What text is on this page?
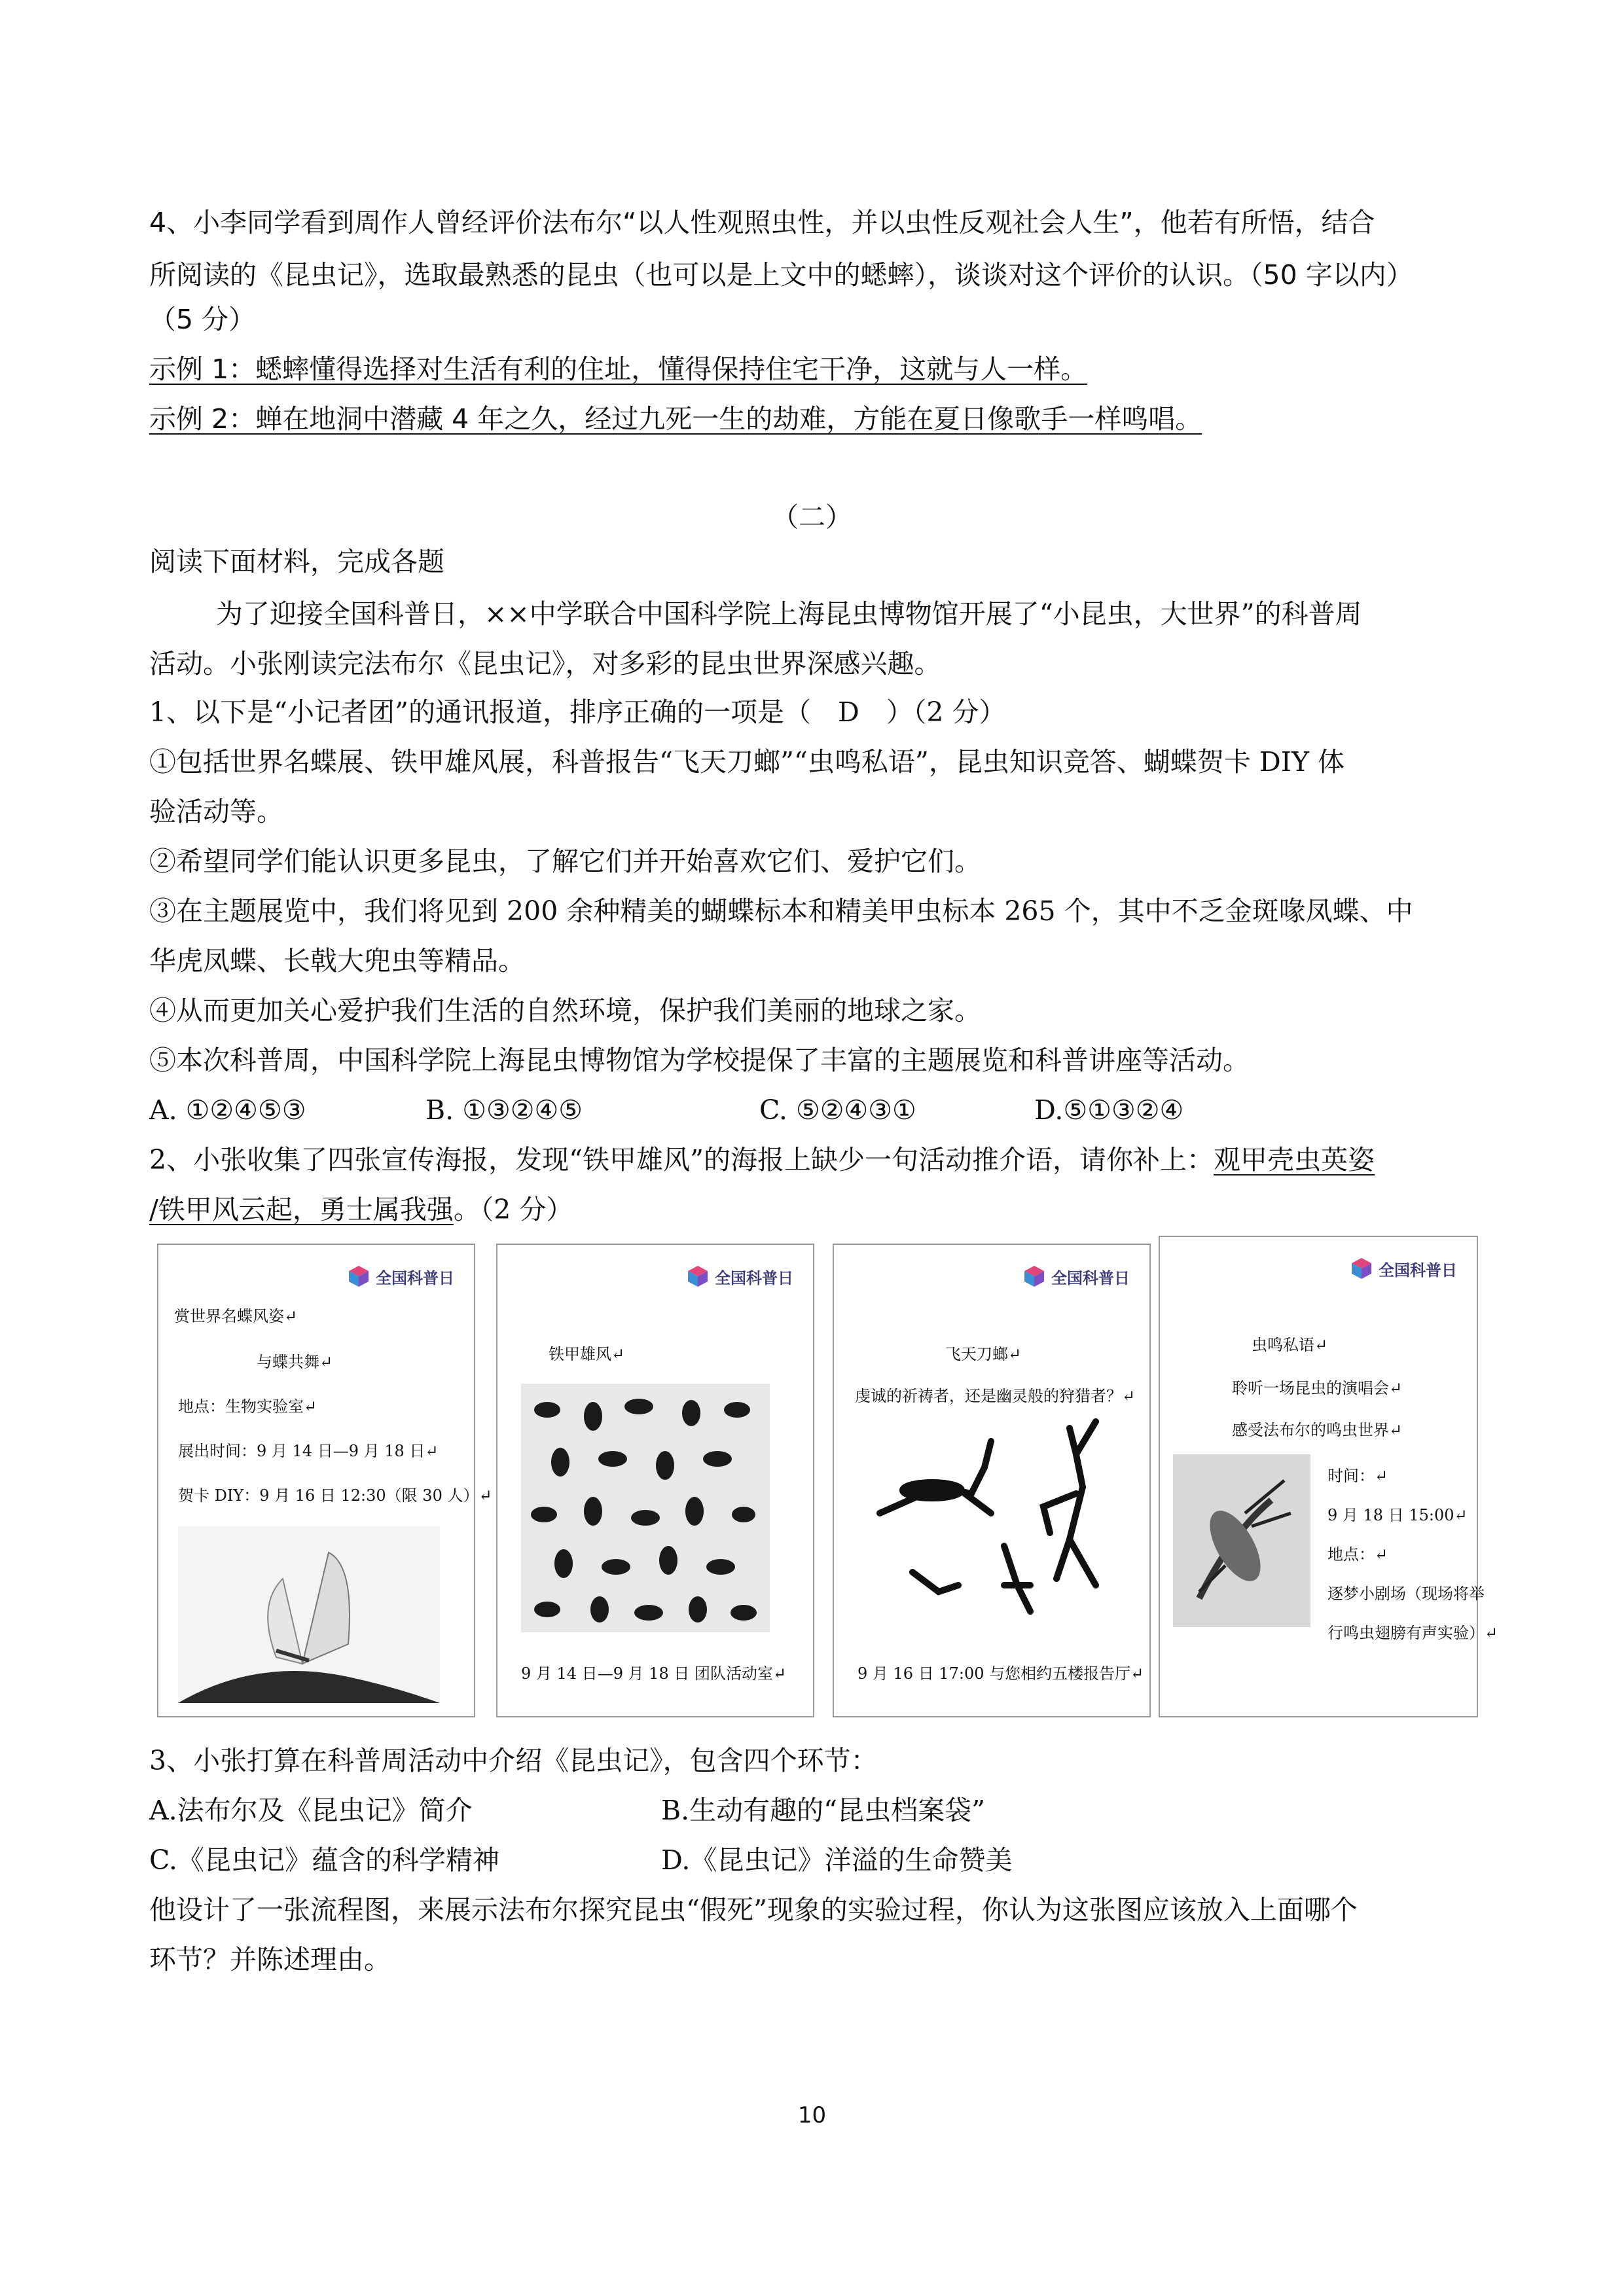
4、小李同学看到周作人曾经评价法布尔“以人性观照虫性，并以虫性反观社会人生”，他若有所悟，结合
所阅读的《昆虫记》，选取最熟悉的昆虫（也可以是上文中的蟋蟀），谈谈对这个评价的认识。（50 字以内）
（5 分）
示例 1：蟋蟀懂得选择对生活有利的住址，懂得保持住宅干净，这就与人一样。
示例 2：蝉在地洞中潜藏 4 年之久，经过九死一生的劫难，方能在夏日像歌手一样鸣唱。
（二）
阅读下面材料，完成各题
为了迎接全国科普日，××中学联合中国科学院上海昆虫博物馆开展了“小昆虫，大世界”的科普周
活动。小张刚读完法布尔《昆虫记》，对多彩的昆虫世界深感兴趣。
1、以下是“小记者团”的通讯报道，排序正确的一项是（　D　）（2 分）
①包括世界名蝶展、铁甲雄风展，科普报告“飞天刀螂”“虫鸣私语”，昆虫知识竞答、蝴蝶贺卡 DIY 体
验活动等。
②希望同学们能认识更多昆虫，了解它们并开始喜欢它们、爱护它们。
③在主题展览中，我们将见到 200 余种精美的蝴蝶标本和精美甲虫标本 265 个，其中不乏金斑喙凤蝶、中
华虎凤蝶、长戟大兜虫等精品。
④从而更加关心爱护我们生活的自然环境，保护我们美丽的地球之家。
⑤本次科普周，中国科学院上海昆虫博物馆为学校提保了丰富的主题展览和科普讲座等活动。
A. ①②④⑤③	B. ①③②④⑤	C. ⑤②④③①	D.⑤①③②④
2、小张收集了四张宣传海报，发现“铁甲雄风”的海报上缺少一句活动推介语，请你补上：观甲壳虫英姿
/铁甲风云起，勇士属我强。（2 分）
全国科普日
赏世界名蝶风姿↵
与蝶共舞↵
地点：生物实验室↵
展出时间：9 月 14 日—9 月 18 日↵
贺卡 DIY：9 月 16 日 12:30（限 30 人）↵
全国科普日
铁甲雄风↵
9 月 14 日—9 月 18 日 团队活动室↵
全国科普日
飞天刀螂↵
虔诚的祈祷者，还是幽灵般的狩猎者？↵
9 月 16 日 17:00 与您相约五楼报告厅↵
全国科普日
虫鸣私语↵
聆听一场昆虫的演唱会↵
感受法布尔的鸣虫世界↵
时间：↵
9 月 18 日 15:00↵
地点：↵
逐梦小剧场（现场将举
行鸣虫翅膀有声实验）↵
3、小张打算在科普周活动中介绍《昆虫记》，包含四个环节：
A.法布尔及《昆虫记》简介	B.生动有趣的“昆虫档案袋”
C.《昆虫记》蕴含的科学精神	D.《昆虫记》洋溢的生命赞美
他设计了一张流程图，来展示法布尔探究昆虫“假死”现象的实验过程，你认为这张图应该放入上面哪个
环节？并陈述理由。
10
